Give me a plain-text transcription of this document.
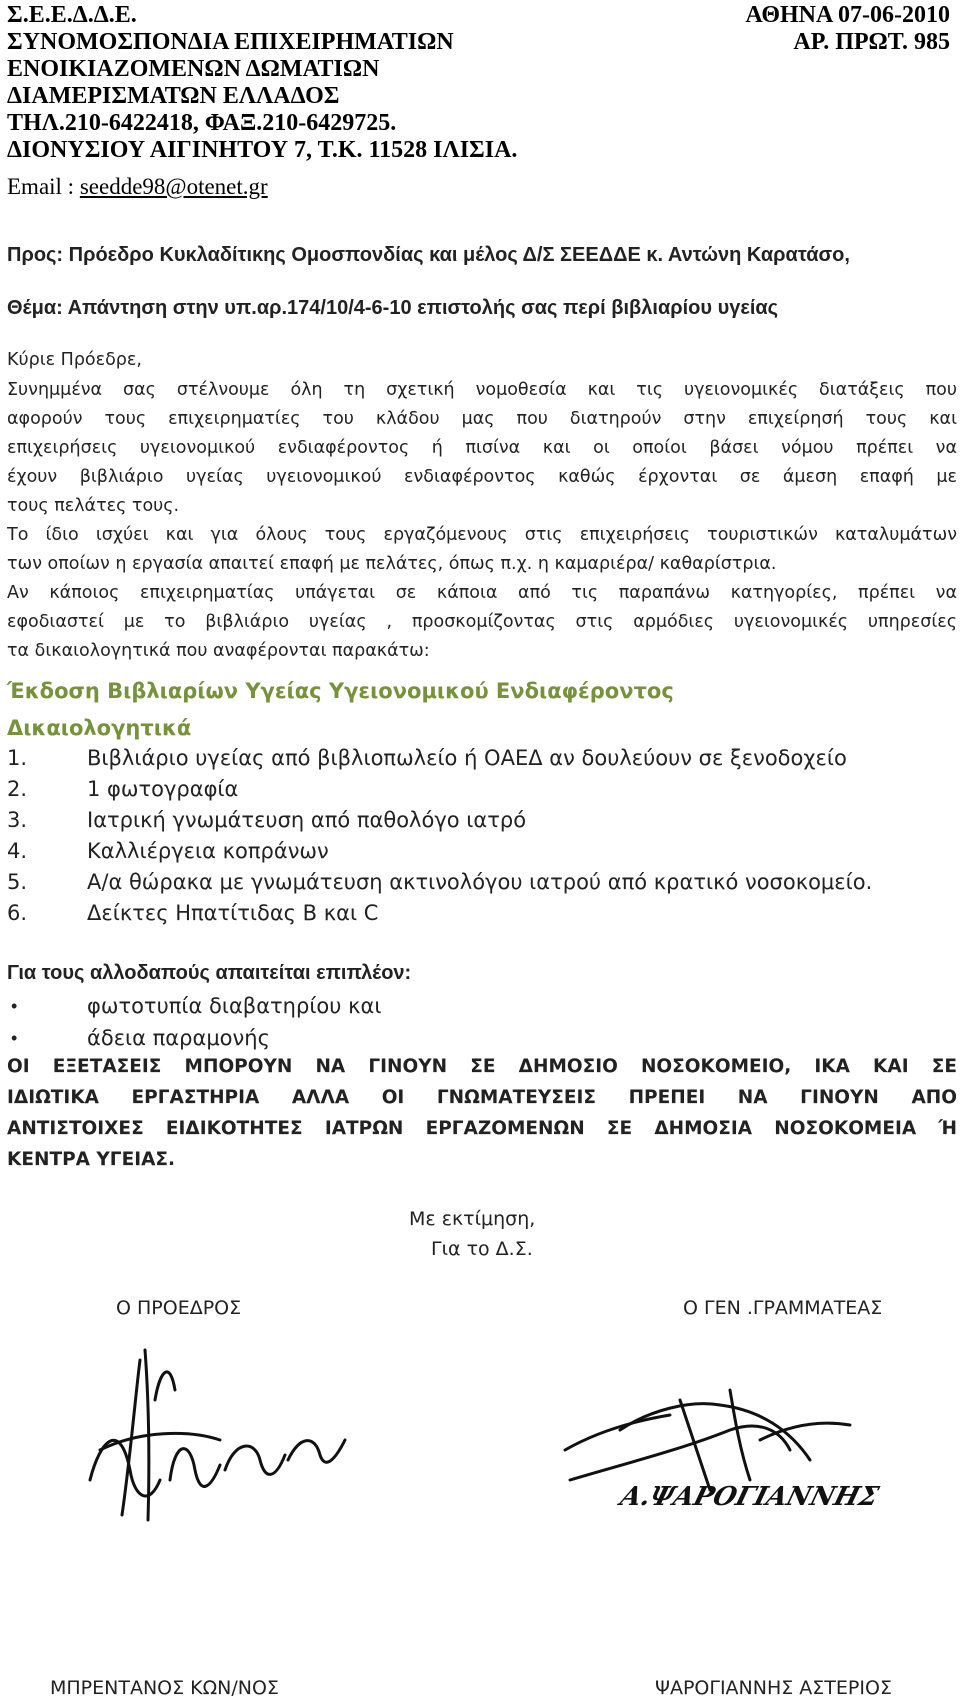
Σ.Ε.Ε.Δ.Δ.Ε.
ΣΥΝΟΜΟΣΠΟΝΔΙΑ ΕΠΙΧΕΙΡΗΜΑΤΙΩΝ
ΕΝΟΙΚΙΑΖΟΜΕΝΩΝ ΔΩΜΑΤΙΩΝ
ΔΙΑΜΕΡΙΣΜΑΤΩΝ ΕΛΛΑΔΟΣ
ΤΗΛ.210-6422418, ΦΑΞ.210-6429725.
ΔΙΟΝΥΣΙΟΥ ΑΙΓΙΝΗΤΟΥ 7, Τ.Κ. 11528 ΙΛΙΣΙΑ.
Email : seedde98@otenet.gr
ΑΘΗΝΑ 07-06-2010
ΑΡ. ΠΡΩΤ. 985
Προς: Πρόεδρο Κυκλαδίτικης Ομοσπονδίας και μέλος Δ/Σ ΣΕΕΔΔΕ κ. Αντώνη Καρατάσο,
Θέμα: Απάντηση στην υπ.αρ.174/10/4-6-10 επιστολής σας περί βιβλιαρίου υγείας
Κύριε Πρόεδρε,
Συνημμένα σας στέλνουμε όλη τη σχετική νομοθεσία και τις υγειονομικές διατάξεις που
αφορούν τους επιχειρηματίες του κλάδου μας που διατηρούν στην επιχείρησή τους και
επιχειρήσεις υγειονομικού ενδιαφέροντος ή πισίνα και οι οποίοι βάσει νόμου πρέπει να
έχουν βιβλιάριο υγείας υγειονομικού ενδιαφέροντος καθώς έρχονται σε άμεση επαφή με
τους πελάτες τους.
Το ίδιο ισχύει και για όλους τους εργαζόμενους στις επιχειρήσεις τουριστικών καταλυμάτων
των οποίων η εργασία απαιτεί επαφή με πελάτες, όπως π.χ. η καμαριέρα/ καθαρίστρια.
Αν κάποιος επιχειρηματίας υπάγεται σε κάποια από τις παραπάνω κατηγορίες, πρέπει να
εφοδιαστεί με το βιβλιάριο υγείας , προσκομίζοντας στις αρμόδιες υγειονομικές υπηρεσίες
τα δικαιολογητικά που αναφέρονται παρακάτω:
Έκδοση Βιβλιαρίων Υγείας Υγειονομικού Ενδιαφέροντος
Δικαιολογητικά
1.	Βιβλιάριο υγείας από βιβλιοπωλείο ή ΟΑΕΔ αν δουλεύουν σε ξενοδοχείο
2.	1 φωτογραφία
3.	Ιατρική γνωμάτευση από παθολόγο ιατρό
4.	Καλλιέργεια κοπράνων
5.	Α/α θώρακα με γνωμάτευση ακτινολόγου ιατρού από κρατικό νοσοκομείο.
6.	Δείκτες Ηπατίτιδας Β και C
Για τους αλλοδαπούς απαιτείται επιπλέον:
•	φωτοτυπία διαβατηρίου και
•	άδεια παραμονής
ΟΙ ΕΞΕΤΑΣΕΙΣ ΜΠΟΡΟΥΝ ΝΑ ΓΙΝΟΥΝ ΣΕ ΔΗΜΟΣΙΟ ΝΟΣΟΚΟΜΕΙΟ, ΙΚΑ ΚΑΙ ΣΕ
ΙΔΙΩΤΙΚΑ ΕΡΓΑΣΤΗΡΙΑ ΑΛΛΑ ΟΙ ΓΝΩΜΑΤΕΥΣΕΙΣ ΠΡΕΠΕΙ ΝΑ ΓΙΝΟΥΝ ΑΠΟ
ΑΝΤΙΣΤΟΙΧΕΣ ΕΙΔΙΚΟΤΗΤΕΣ ΙΑΤΡΩΝ ΕΡΓΑΖΟΜΕΝΩΝ ΣΕ ΔΗΜΟΣΙΑ ΝΟΣΟΚΟΜΕΙΑ Ή
ΚΕΝΤΡΑ ΥΓΕΙΑΣ.
Με εκτίμηση,
Για το Δ.Σ.
Ο ΠΡΟΕΔΡΟΣ	Ο ΓΕΝ .ΓΡΑΜΜΑΤΕΑΣ
Α.ΨΑΡΟΓΙΑΝΝΗΣ
ΜΠΡΕΝΤΑΝΟΣ ΚΩΝ/ΝΟΣ	ΨΑΡΟΓΙΑΝΝΗΣ ΑΣΤΕΡΙΟΣ
